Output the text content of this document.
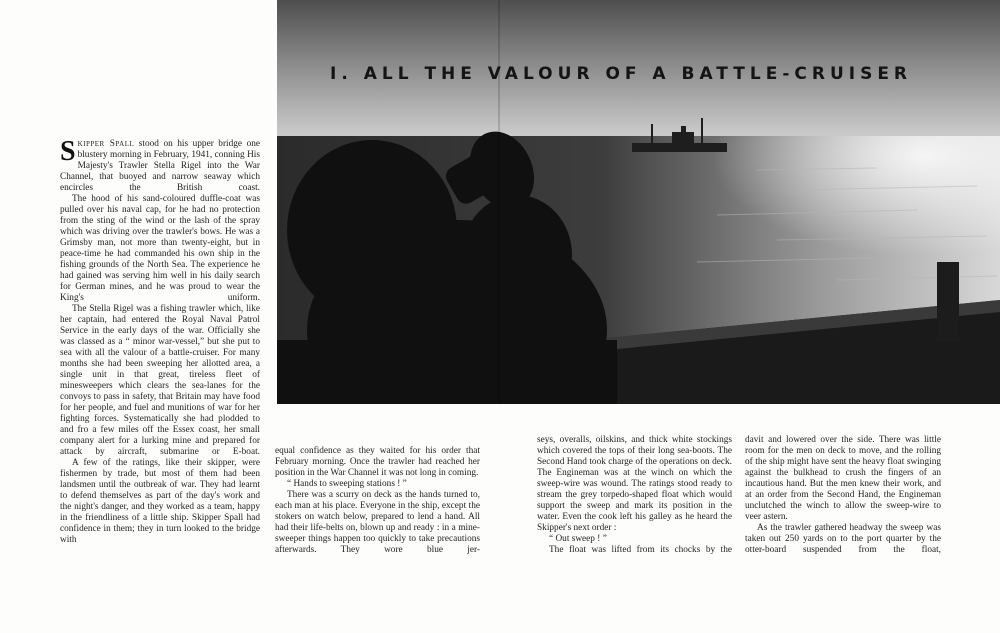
I. ALL THE VALOUR OF A BATTLE-CRUISER

Skipper Spall stood on his upper bridge one blustery morning in February, 1941, conning His Majesty's Trawler Stella Rigel into the War Channel, that buoyed and narrow seaway which encircles the British coast.

The hood of his sand-coloured duffle-coat was pulled over his naval cap, for he had no protection from the sting of the wind or the lash of the spray which was driving over the trawler's bows. He was a Grimsby man, not more than twenty-eight, but in peace-time he had commanded his own ship in the fishing grounds of the North Sea. The experience he had gained was serving him well in his daily search for German mines, and he was proud to wear the King's uniform.

The Stella Rigel was a fishing trawler which, like her captain, had entered the Royal Naval Patrol Service in the early days of the war. Officially she was classed as a “ minor war-vessel,” but she put to sea with all the valour of a battle-cruiser. For many months she had been sweeping her allotted area, a single unit in that great, tireless fleet of minesweepers which clears the sea-lanes for the convoys to pass in safety, that Britain may have food for her people, and fuel and munitions of war for her fighting forces. Systematically she had plodded to and fro a few miles off the Essex coast, her small company alert for a lurking mine and prepared for attack by aircraft, submarine or E-boat.

A few of the ratings, like their skipper, were fishermen by trade, but most of them had been landsmen until the outbreak of war. They had learnt to defend themselves as part of the day's work and the night's danger, and they worked as a team, happy in the friendliness of a little ship. Skipper Spall had confidence in them; they in turn looked to the bridge with

equal confidence as they waited for his order that February morning. Once the trawler had reached her position in the War Channel it was not long in coming.

“ Hands to sweeping stations ! ”

There was a scurry on deck as the hands turned to, each man at his place. Everyone in the ship, except the stokers on watch below, prepared to lend a hand. All had their life-belts on, blown up and ready : in a mine-sweeper things happen too quickly to take precautions afterwards. They wore blue jer-

seys, overalls, oilskins, and thick white stockings which covered the tops of their long sea-boots. The Second Hand took charge of the operations on deck. The Engineman was at the winch on which the sweep-wire was wound. The ratings stood ready to stream the grey torpedo-shaped float which would support the sweep and mark its position in the water. Even the cook left his galley as he heard the Skipper's next order :

“ Out sweep ! ”

The float was lifted from its chocks by the

davit and lowered over the side. There was little room for the men on deck to move, and the rolling of the ship might have sent the heavy float swinging against the bulkhead to crush the fingers of an incautious hand. But the men knew their work, and at an order from the Second Hand, the Engineman unclutched the winch to allow the sweep-wire to veer astern.

As the trawler gathered headway the sweep was taken out 250 yards on to the port quarter by the otter-board suspended from the float,
